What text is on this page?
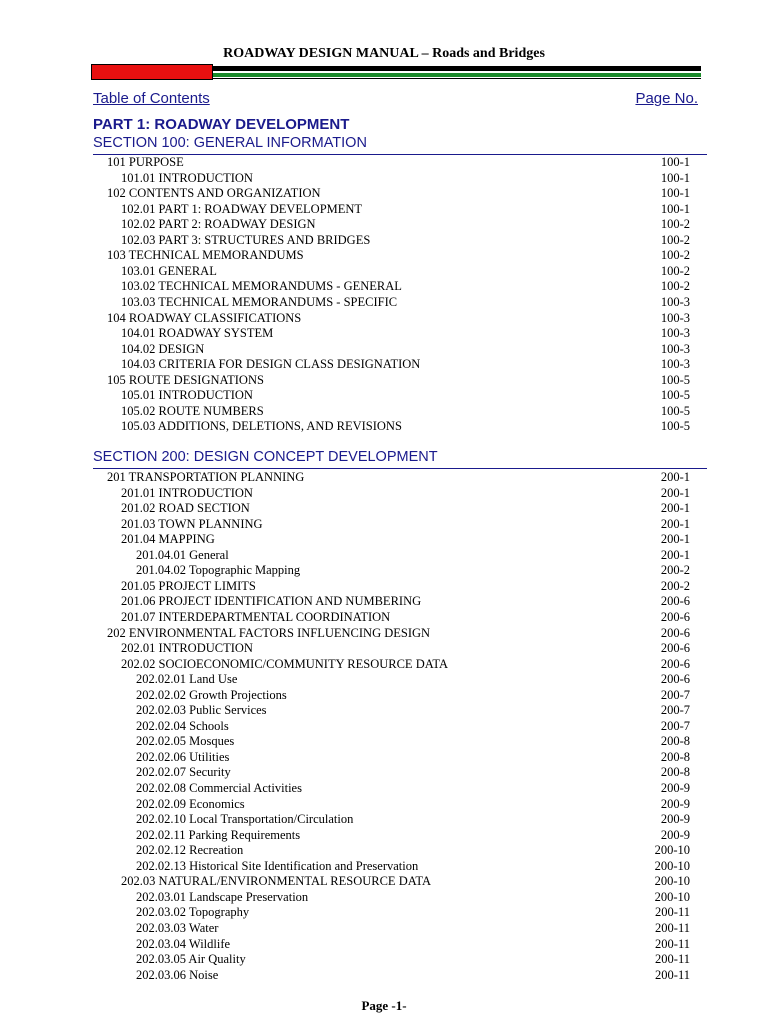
ROADWAY DESIGN MANUAL – Roads and Bridges
Table of Contents	Page No.
PART 1: ROADWAY DEVELOPMENT
SECTION 100: GENERAL INFORMATION
101 PURPOSE	100-1
101.01 INTRODUCTION	100-1
102 CONTENTS AND ORGANIZATION	100-1
102.01 PART 1: ROADWAY DEVELOPMENT	100-1
102.02 PART 2: ROADWAY DESIGN	100-2
102.03 PART 3: STRUCTURES AND BRIDGES	100-2
103 TECHNICAL MEMORANDUMS	100-2
103.01 GENERAL	100-2
103.02 TECHNICAL MEMORANDUMS - GENERAL	100-2
103.03 TECHNICAL MEMORANDUMS - SPECIFIC	100-3
104 ROADWAY CLASSIFICATIONS	100-3
104.01 ROADWAY SYSTEM	100-3
104.02 DESIGN	100-3
104.03 CRITERIA FOR DESIGN CLASS DESIGNATION	100-3
105 ROUTE DESIGNATIONS	100-5
105.01 INTRODUCTION	100-5
105.02 ROUTE NUMBERS	100-5
105.03 ADDITIONS, DELETIONS, AND REVISIONS	100-5
SECTION 200: DESIGN CONCEPT DEVELOPMENT
201 TRANSPORTATION PLANNING	200-1
201.01 INTRODUCTION	200-1
201.02 ROAD SECTION	200-1
201.03 TOWN PLANNING	200-1
201.04 MAPPING	200-1
201.04.01 General	200-1
201.04.02 Topographic Mapping	200-2
201.05 PROJECT LIMITS	200-2
201.06 PROJECT IDENTIFICATION AND NUMBERING	200-6
201.07 INTERDEPARTMENTAL COORDINATION	200-6
202 ENVIRONMENTAL FACTORS INFLUENCING DESIGN	200-6
202.01 INTRODUCTION	200-6
202.02 SOCIOECONOMIC/COMMUNITY RESOURCE DATA	200-6
202.02.01 Land Use	200-6
202.02.02 Growth Projections	200-7
202.02.03 Public Services	200-7
202.02.04 Schools	200-7
202.02.05 Mosques	200-8
202.02.06 Utilities	200-8
202.02.07 Security	200-8
202.02.08 Commercial Activities	200-9
202.02.09 Economics	200-9
202.02.10 Local Transportation/Circulation	200-9
202.02.11 Parking Requirements	200-9
202.02.12 Recreation	200-10
202.02.13 Historical Site Identification and Preservation	200-10
202.03 NATURAL/ENVIRONMENTAL RESOURCE DATA	200-10
202.03.01 Landscape Preservation	200-10
202.03.02 Topography	200-11
202.03.03 Water	200-11
202.03.04 Wildlife	200-11
202.03.05 Air Quality	200-11
202.03.06 Noise	200-11
Page -1-
